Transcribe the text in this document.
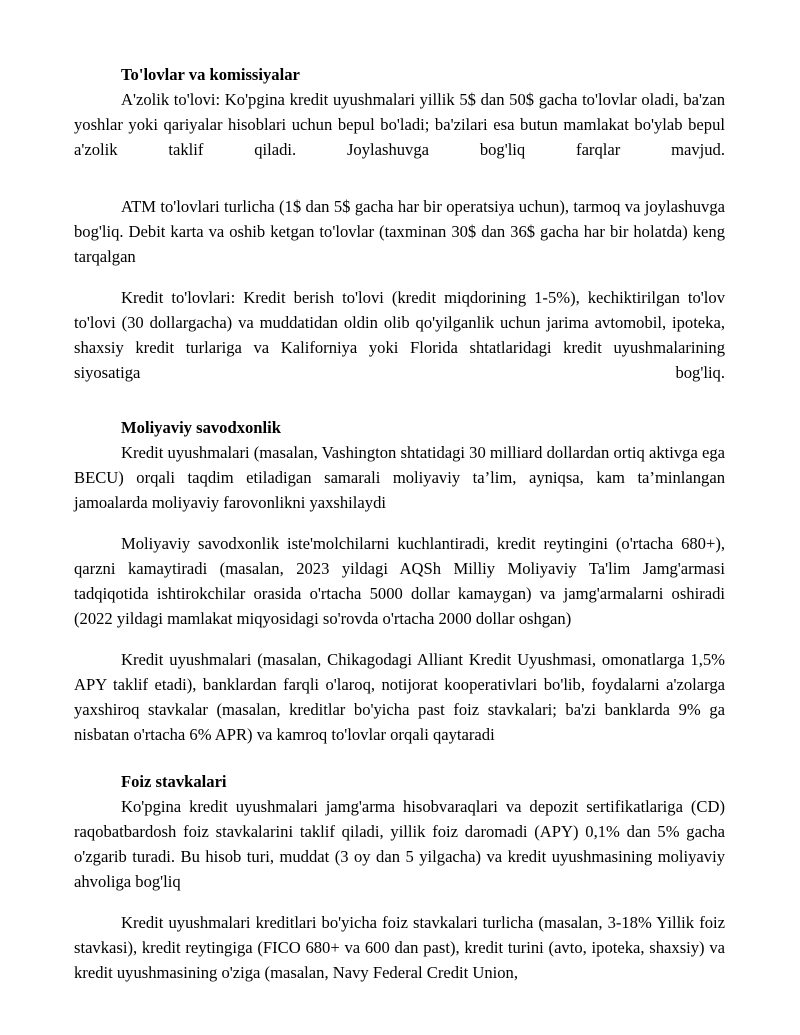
To'lovlar va komissiyalar

A'zolik to'lovi: Ko'pgina kredit uyushmalari yillik 5$ dan 50$ gacha to'lovlar oladi, ba'zan yoshlar yoki qariyalar hisoblari uchun bepul bo'ladi; ba'zilari esa butun mamlakat bo'ylab bepul a'zolik taklif qiladi. Joylashuvga bog'liq farqlar mavjud.

ATM to'lovlari turlicha (1$ dan 5$ gacha har bir operatsiya uchun), tarmoq va joylashuvga bog'liq. Debit karta va oshib ketgan to'lovlar (taxminan 30$ dan 36$ gacha har bir holatda) keng tarqalgan

Kredit to'lovlari: Kredit berish to'lovi (kredit miqdorining 1-5%), kechiktirilgan to'lov to'lovi (30 dollargacha) va muddatidan oldin olib qo'yilganlik uchun jarima avtomobil, ipoteka, shaxsiy kredit turlariga va Kaliforniya yoki Florida shtatlaridagi kredit uyushmalarining siyosatiga bog'liq.

Moliyaviy savodxonlik

Kredit uyushmalari (masalan, Vashington shtatidagi 30 milliard dollardan ortiq aktivga ega BECU) orqali taqdim etiladigan samarali moliyaviy ta’lim, ayniqsa, kam ta’minlangan jamoalarda moliyaviy farovonlikni yaxshilaydi

Moliyaviy savodxonlik iste'molchilarni kuchlantiradi, kredit reytingini (o'rtacha 680+), qarzni kamaytiradi (masalan, 2023 yildagi AQSh Milliy Moliyaviy Ta'lim Jamg'armasi tadqiqotida ishtirokchilar orasida o'rtacha 5000 dollar kamaygan) va jamg'armalarni oshiradi (2022 yildagi mamlakat miqyosidagi so'rovda o'rtacha 2000 dollar oshgan)

Kredit uyushmalari (masalan, Chikagodagi Alliant Kredit Uyushmasi, omonatlarga 1,5% APY taklif etadi), banklardan farqli o'laroq, notijorat kooperativlari bo'lib, foydalarni a'zolarga yaxshiroq stavkalar (masalan, kreditlar bo'yicha past foiz stavkalari; ba'zi banklarda 9% ga nisbatan o'rtacha 6% APR) va kamroq to'lovlar orqali qaytaradi

Foiz stavkalari

Ko'pgina kredit uyushmalari jamg'arma hisobvaraqlari va depozit sertifikatlariga (CD) raqobatbardosh foiz stavkalarini taklif qiladi, yillik foiz daromadi (APY) 0,1% dan 5% gacha o'zgarib turadi. Bu hisob turi, muddat (3 oy dan 5 yilgacha) va kredit uyushmasining moliyaviy ahvoliga bog'liq

Kredit uyushmalari kreditlari bo'yicha foiz stavkalari turlicha (masalan, 3-18% Yillik foiz stavkasi), kredit reytingiga (FICO 680+ va 600 dan past), kredit turini (avto, ipoteka, shaxsiy) va kredit uyushmasining o'ziga (masalan, Navy Federal Credit Union,
